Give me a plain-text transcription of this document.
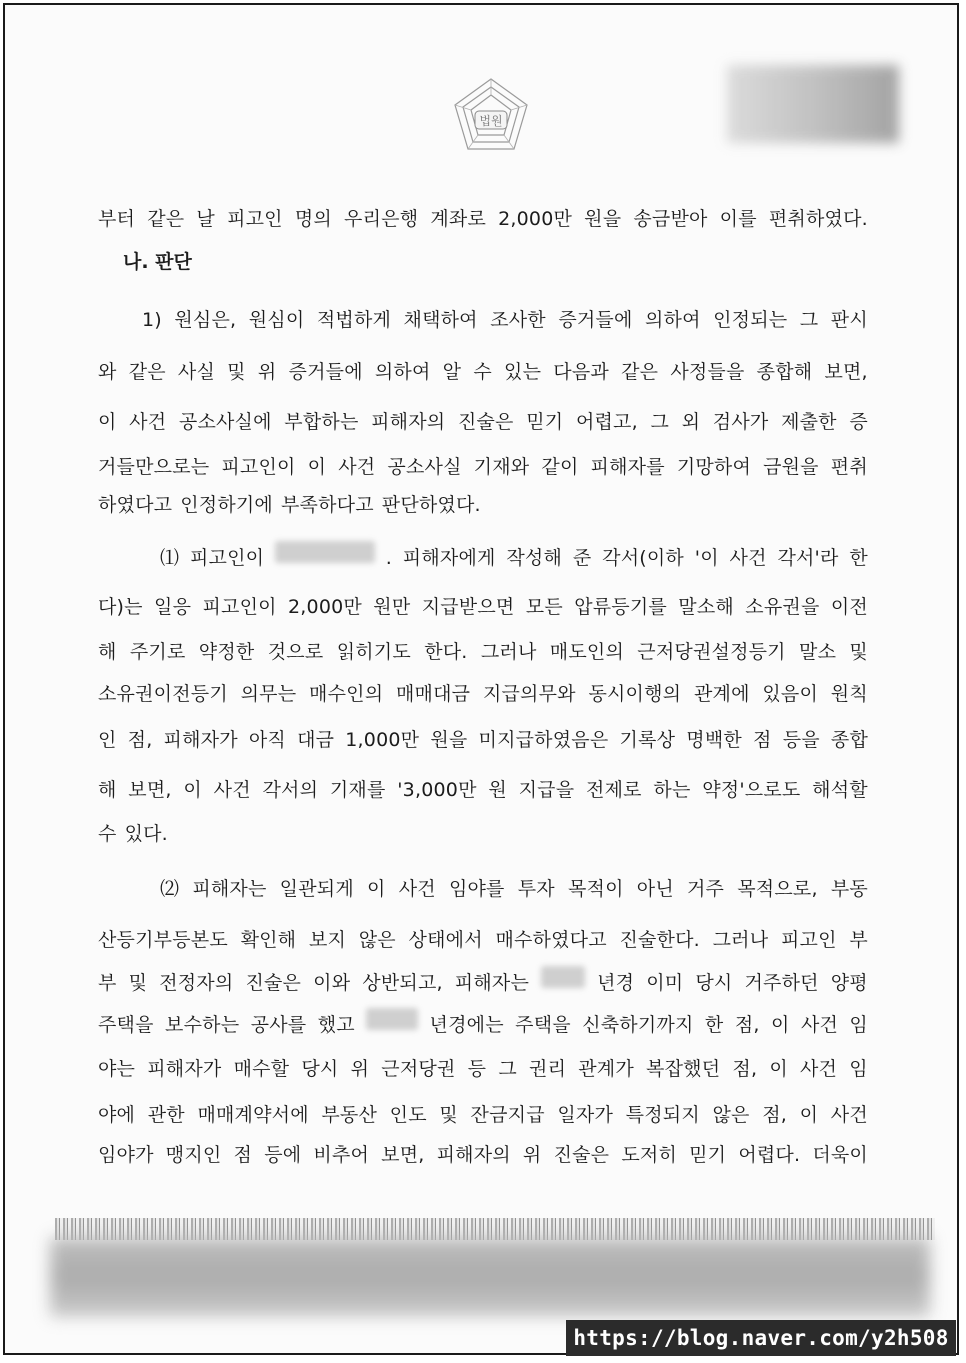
법원
부터 같은 날 피고인 명의 우리은행 계좌로 2,000만 원을 송금받아 이를 편취하였다.
1) 원심은, 원심이 적법하게 채택하여 조사한 증거들에 의하여 인정되는 그 판시
와 같은 사실 및 위 증거들에 의하여 알 수 있는 다음과 같은 사정들을 종합해 보면,
이 사건 공소사실에 부합하는 피해자의 진술은 믿기 어렵고, 그 외 검사가 제출한 증
거들만으로는 피고인이 이 사건 공소사실 기재와 같이 피해자를 기망하여 금원을 편취
하였다고 인정하기에 부족하다고 판단하였다.
⑴ 피고인이	. 피해자에게 작성해 준 각서(이하 '이 사건 각서'라 한
다)는 일응 피고인이 2,000만 원만 지급받으면 모든 압류등기를 말소해 소유권을 이전
해 주기로 약정한 것으로 읽히기도 한다. 그러나 매도인의 근저당권설정등기 말소 및
소유권이전등기 의무는 매수인의 매매대금 지급의무와 동시이행의 관계에 있음이 원칙
인 점, 피해자가 아직 대금 1,000만 원을 미지급하였음은 기록상 명백한 점 등을 종합
해 보면, 이 사건 각서의 기재를 '3,000만 원 지급을 전제로 하는 약정'으로도 해석할
수 있다.
⑵ 피해자는 일관되게 이 사건 임야를 투자 목적이 아닌 거주 목적으로, 부동
산등기부등본도 확인해 보지 않은 상태에서 매수하였다고 진술한다. 그러나 피고인 부
부 및 전정자의 진술은 이와 상반되고, 피해자는	년경 이미 당시 거주하던 양평
주택을 보수하는 공사를 했고	년경에는 주택을 신축하기까지 한 점, 이 사건 임
야는 피해자가 매수할 당시 위 근저당권 등 그 권리 관계가 복잡했던 점, 이 사건 임
야에 관한 매매계약서에 부동산 인도 및 잔금지급 일자가 특정되지 않은 점, 이 사건
임야가 맹지인 점 등에 비추어 보면, 피해자의 위 진술은 도저히 믿기 어렵다. 더욱이
나. 판단
https://blog.naver.com/y2h508
